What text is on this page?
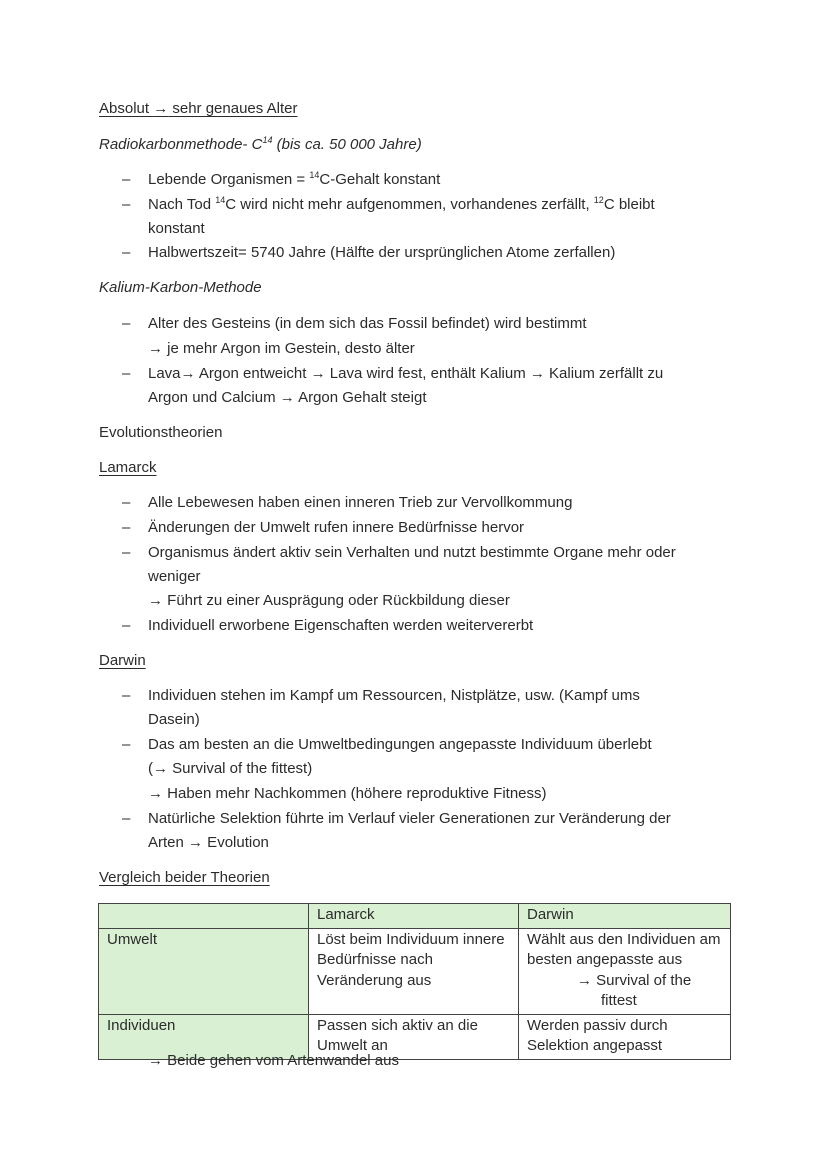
Absolut → sehr genaues Alter
Radiokarbonmethode- $C^{14}$ (bis ca. 50 000 Jahre)
– Lebende Organismen = $^{14}$C-Gehalt konstant
– Nach Tod $^{14}$C wird nicht mehr aufgenommen, vorhandenes zerfällt, $^{12}$C bleibt
konstant
– Halbwertszeit= 5740 Jahre (Hälfte der ursprünglichen Atome zerfallen)
Kalium-Karbon-Methode
– Alter des Gesteins (in dem sich das Fossil befindet) wird bestimmt
→ je mehr Argon im Gestein, desto älter
– Lava→ Argon entweicht → Lava wird fest, enthält Kalium → Kalium zerfällt zu
Argon und Calcium → Argon Gehalt steigt
Evolutionstheorien
Lamarck
– Alle Lebewesen haben einen inneren Trieb zur Vervollkommung
– Änderungen der Umwelt rufen innere Bedürfnisse hervor
– Organismus ändert aktiv sein Verhalten und nutzt bestimmte Organe mehr oder
weniger
→ Führt zu einer Ausprägung oder Rückbildung dieser
– Individuell erworbene Eigenschaften werden weitervererbt
Darwin
– Individuen stehen im Kampf um Ressourcen, Nistplätze, usw. (Kampf ums
Dasein)
– Das am besten an die Umweltbedingungen angepasste Individuum überlebt
(→ Survival of the fittest)
→ Haben mehr Nachkommen (höhere reproduktive Fitness)
– Natürliche Selektion führte im Verlauf vieler Generationen zur Veränderung der
Arten → Evolution
Vergleich beider Theorien
	Lamarck	Darwin
Umwelt	Löst beim Individuum innere Bedürfnisse nach Veränderung aus	Wählt aus den Individuen am besten angepasste aus
→ Survival of the
fittest

Individuen	Passen sich aktiv an die Umwelt an	Werden passiv durch Selektion angepasst
→ Beide gehen vom Artenwandel aus
